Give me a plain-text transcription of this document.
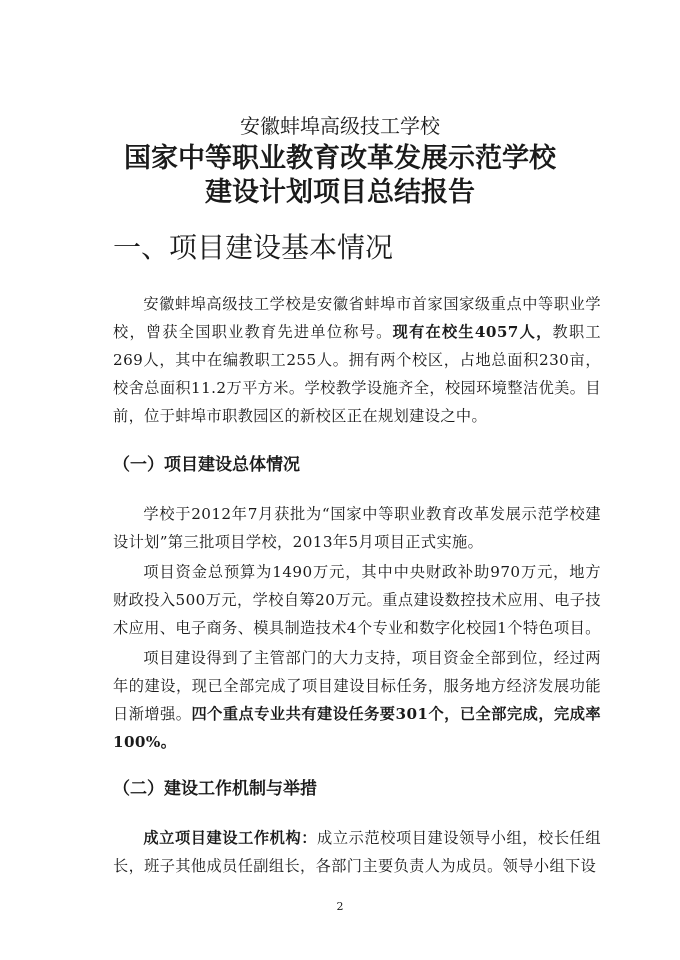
安徽蚌埠高级技工学校
国家中等职业教育改革发展示范学校
建设计划项目总结报告
一、项目建设基本情况

安徽蚌埠高级技工学校是安徽省蚌埠市首家国家级重点中等职业学校，曾获全国职业教育先进单位称号。现有在校生4057人，教职工269人，其中在编教职工255人。拥有两个校区，占地总面积230亩，校舍总面积11.2万平方米。学校教学设施齐全，校园环境整洁优美。目前，位于蚌埠市职教园区的新校区正在规划建设之中。

（一）项目建设总体情况

学校于2012年7月获批为“国家中等职业教育改革发展示范学校建设计划”第三批项目学校，2013年5月项目正式实施。

项目资金总预算为1490万元，其中中央财政补助970万元，地方财政投入500万元，学校自筹20万元。重点建设数控技术应用、电子技术应用、电子商务、模具制造技术4个专业和数字化校园1个特色项目。

项目建设得到了主管部门的大力支持，项目资金全部到位，经过两年的建设，现已全部完成了项目建设目标任务，服务地方经济发展功能日渐增强。四个重点专业共有建设任务要301个，已全部完成，完成率100%。

（二）建设工作机制与举措

成立项目建设工作机构：成立示范校项目建设领导小组，校长任组长，班子其他成员任副组长，各部门主要负责人为成员。领导小组下设

2
